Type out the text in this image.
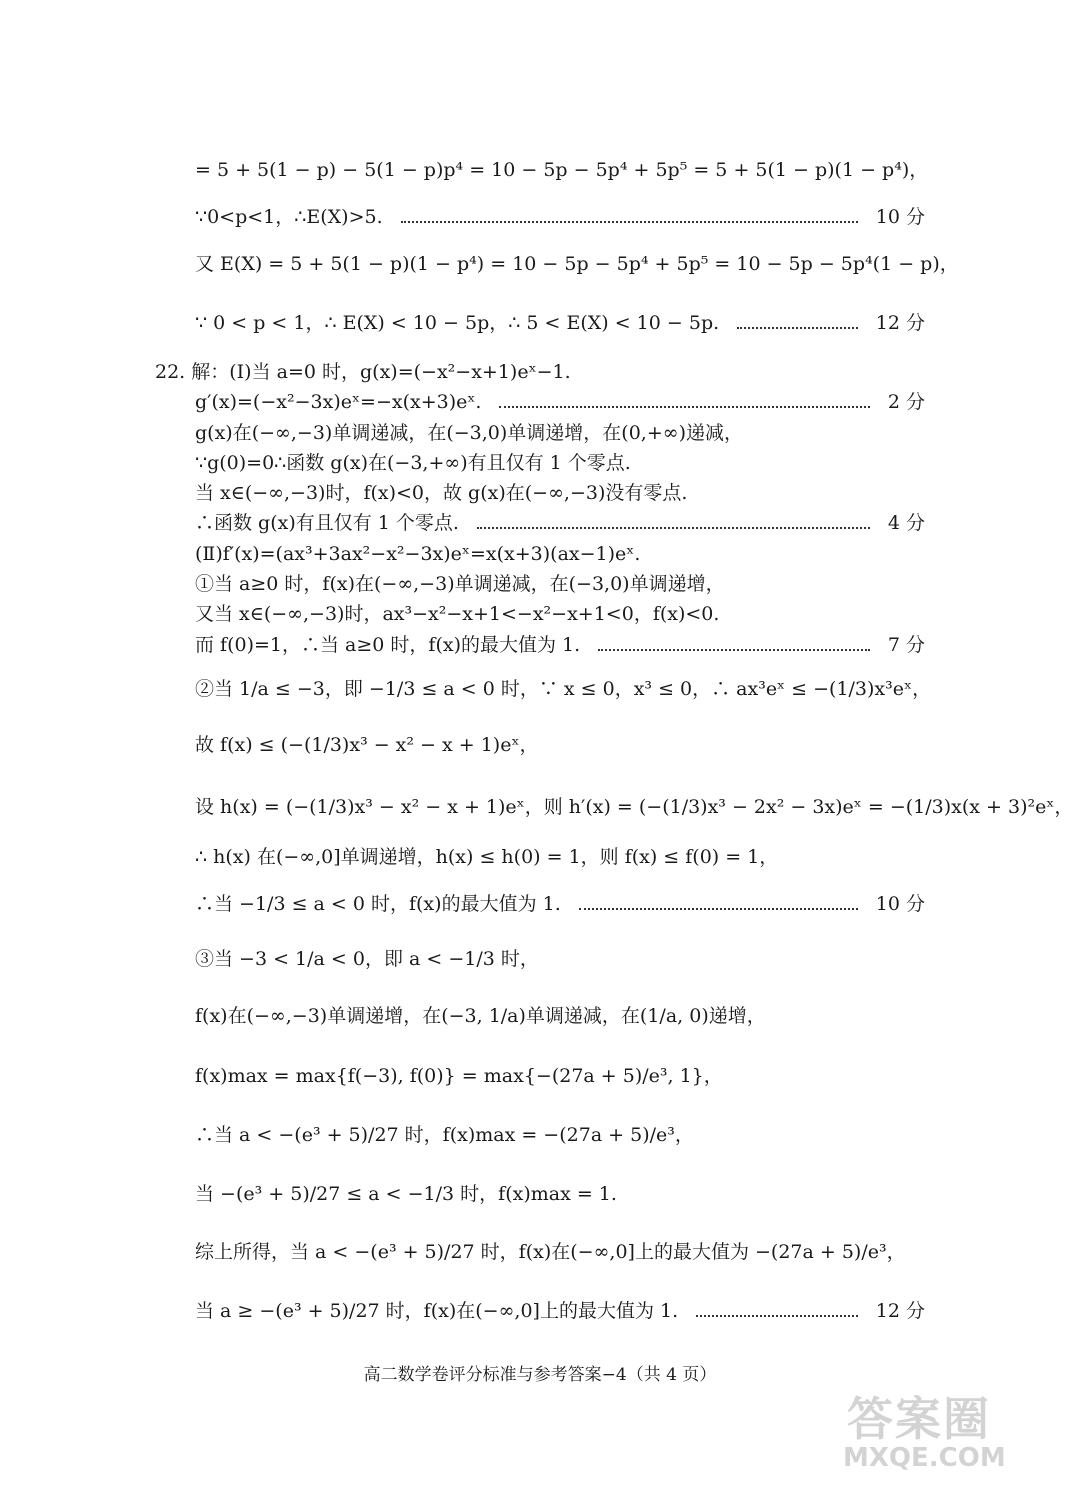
= 5 + 5(1 − p) − 5(1 − p)p⁴ = 10 − 5p − 5p⁴ + 5p⁵ = 5 + 5(1 − p)(1 − p⁴)，
∵0<p<1，∴E(X)>5.	10 分
又 E(X) = 5 + 5(1 − p)(1 − p⁴) = 10 − 5p − 5p⁴ + 5p⁵ = 10 − 5p − 5p⁴(1 − p)，
∵ 0 < p < 1，∴ E(X) < 10 − 5p，∴ 5 < E(X) < 10 − 5p.	12 分
22. 解：(Ⅰ)当 a=0 时，g(x)=(−x²−x+1)eˣ−1.
g′(x)=(−x²−3x)eˣ=−x(x+3)eˣ.	2 分
g(x)在(−∞,−3)单调递减，在(−3,0)单调递增，在(0,+∞)递减，
∵g(0)=0∴函数 g(x)在(−3,+∞)有且仅有 1 个零点.
当 x∈(−∞,−3)时，f(x)<0，故 g(x)在(−∞,−3)没有零点.
∴函数 g(x)有且仅有 1 个零点.	4 分
(Ⅱ)f′(x)=(ax³+3ax²−x²−3x)eˣ=x(x+3)(ax−1)eˣ.
①当 a≥0 时，f(x)在(−∞,−3)单调递减，在(−3,0)单调递增，
又当 x∈(−∞,−3)时，ax³−x²−x+1<−x²−x+1<0，f(x)<0.
而 f(0)=1，∴当 a≥0 时，f(x)的最大值为 1.	7 分
②当 1/a ≤ −3，即 −1/3 ≤ a < 0 时，∵ x ≤ 0，x³ ≤ 0，∴ ax³eˣ ≤ −(1/3)x³eˣ，
故 f(x) ≤ (−(1/3)x³ − x² − x + 1)eˣ，
设 h(x) = (−(1/3)x³ − x² − x + 1)eˣ，则 h′(x) = (−(1/3)x³ − 2x² − 3x)eˣ = −(1/3)x(x + 3)²eˣ，
∴ h(x) 在(−∞,0]单调递增，h(x) ≤ h(0) = 1，则 f(x) ≤ f(0) = 1，
∴当 −1/3 ≤ a < 0 时，f(x)的最大值为 1.	10 分
③当 −3 < 1/a < 0，即 a < −1/3 时，
f(x)在(−∞,−3)单调递增，在(−3, 1/a)单调递减，在(1/a, 0)递增，
f(x)max = max{f(−3), f(0)} = max{−(27a + 5)/e³, 1}，
∴当 a < −(e³ + 5)/27 时，f(x)max = −(27a + 5)/e³，
当 −(e³ + 5)/27 ≤ a < −1/3 时，f(x)max = 1.
综上所得，当 a < −(e³ + 5)/27 时，f(x)在(−∞,0]上的最大值为 −(27a + 5)/e³，
当 a ≥ −(e³ + 5)/27 时，f(x)在(−∞,0]上的最大值为 1.	12 分
高二数学卷评分标准与参考答案−4（共 4 页）
答案圈
MXQE.COM
